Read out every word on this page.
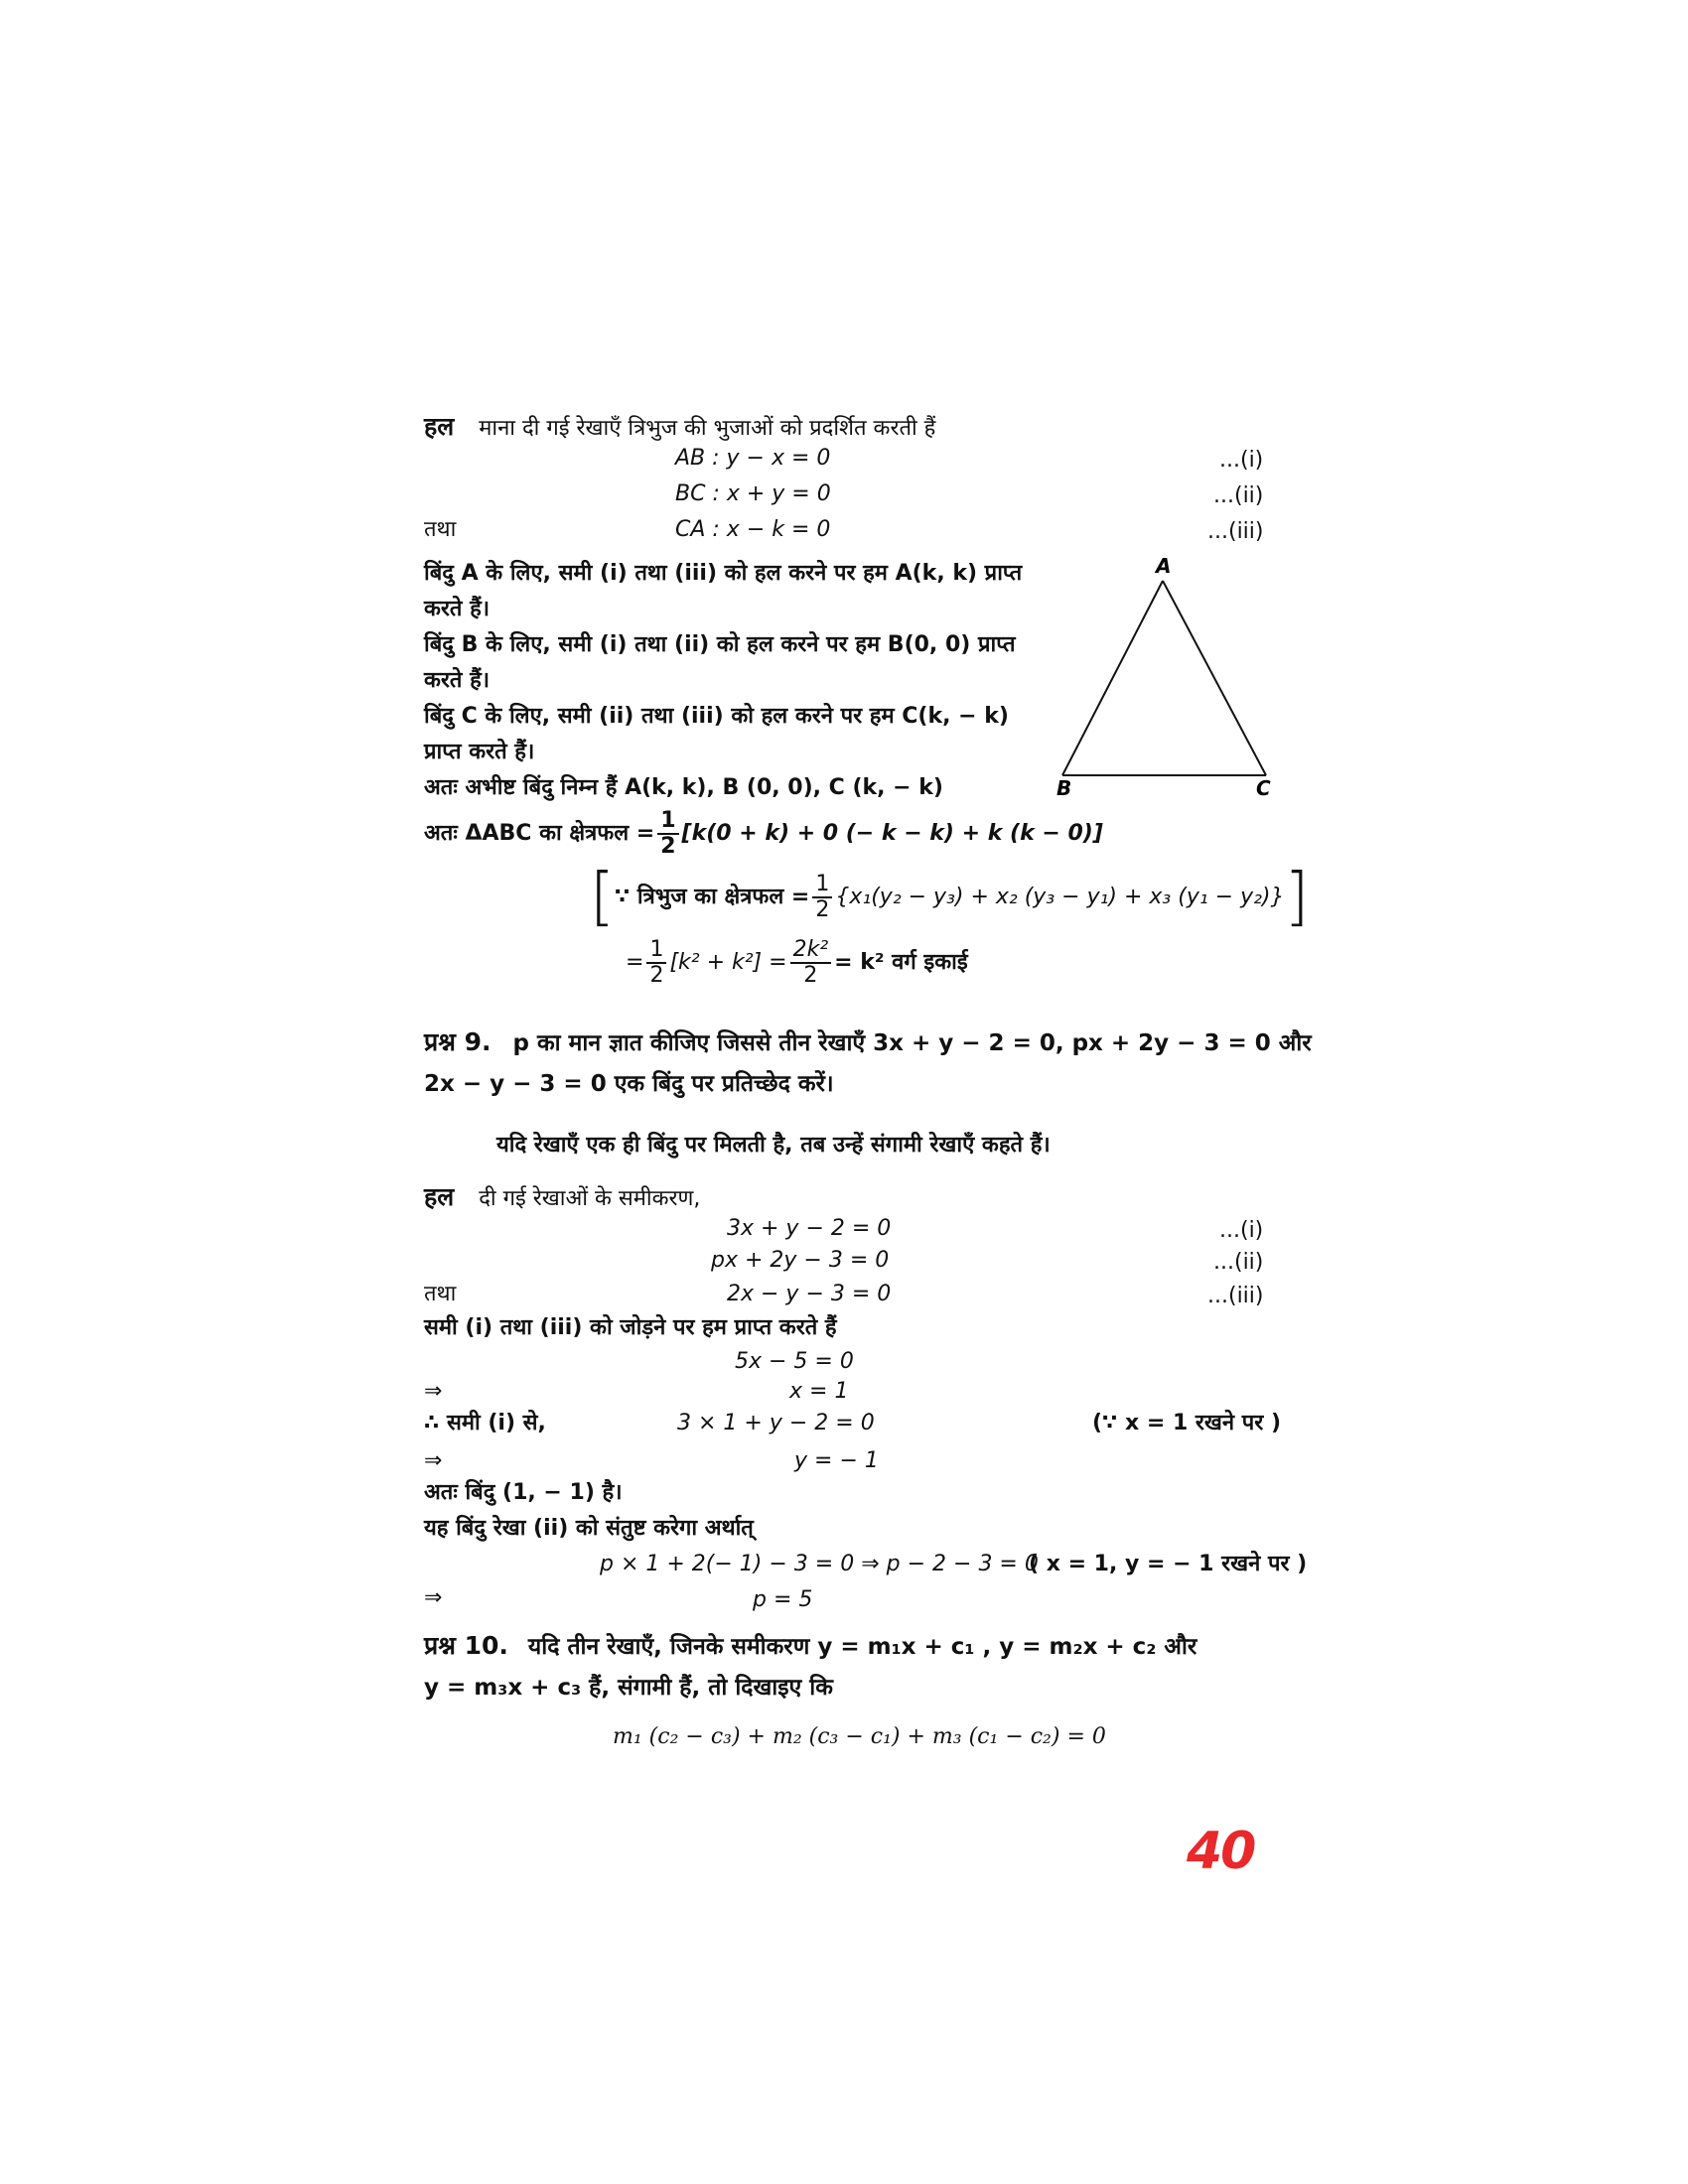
हल माना दी गई रेखाएँ त्रिभुज की भुजाओं को प्रदर्शित करती हैं
AB : y − x = 0	...(i)
BC : x + y = 0	...(ii)
तथा	CA : x − k = 0	...(iii)
बिंदु A के लिए, समी (i) तथा (iii) को हल करने पर हम A(k, k) प्राप्त
करते हैं।
बिंदु B के लिए, समी (i) तथा (ii) को हल करने पर हम B(0, 0) प्राप्त
करते हैं।
बिंदु C के लिए, समी (ii) तथा (iii) को हल करने पर हम C(k, − k)
प्राप्त करते हैं।
अतः अभीष्ट बिंदु निम्न हैं A(k, k), B (0, 0), C (k, − k)
A
B	C
अतः ΔABC का क्षेत्रफल = $\frac{1}{2} [k(0 + k) + 0$ (− k − k) + k (k − 0)]
[ ∵ त्रिभुज का क्षेत्रफल = $\frac{1}{2} \{x_1(y_2 - y_3) + x_2$ (y₃ − y₁) + x₃ (y₁ − y₂)} ]
= $\frac{1}{2} [k^2 + k^2] = \frac{\text{2k²}}{2} = k^2$ वर्ग इकाई
प्रश्न 9. p का मान ज्ञात कीजिए जिससे तीन रेखाएँ 3x + y − 2 = 0, px + 2y − 3 = 0 और
2x − y − 3 = 0 एक बिंदु पर प्रतिच्छेद करें।
यदि रेखाएँ एक ही बिंदु पर मिलती है, तब उन्हें संगामी रेखाएँ कहते हैं।
हल दी गई रेखाओं के समीकरण,
3x + y − 2 = 0	...(i)
px + 2y − 3 = 0	...(ii)
तथा	2x − y − 3 = 0	...(iii)
समी (i) तथा (iii) को जोड़ने पर हम प्राप्त करते हैं
5x − 5 = 0
⇒	x = 1
∴ समी (i) से,	3 × 1 + y − 2 = 0	(∵ x = 1 रखने पर )
⇒	y = − 1
अतः बिंदु (1, − 1) है।
यह बिंदु रेखा (ii) को संतुष्ट करेगा अर्थात्
p × 1 + 2(− 1) − 3 = 0 ⇒ p − 2 − 3 = 0
( x = 1, y = − 1 रखने पर )
⇒	p = 5
प्रश्न 10. यदि तीन रेखाएँ, जिनके समीकरण y = m₁x + c₁ , y = m₂x + c₂ और
y = m₃x + c₃ हैं, संगामी हैं, तो दिखाइए कि
m₁ (c₂ − c₃) + m₂ (c₃ − c₁) + m₃ (c₁ − c₂) = 0
40
